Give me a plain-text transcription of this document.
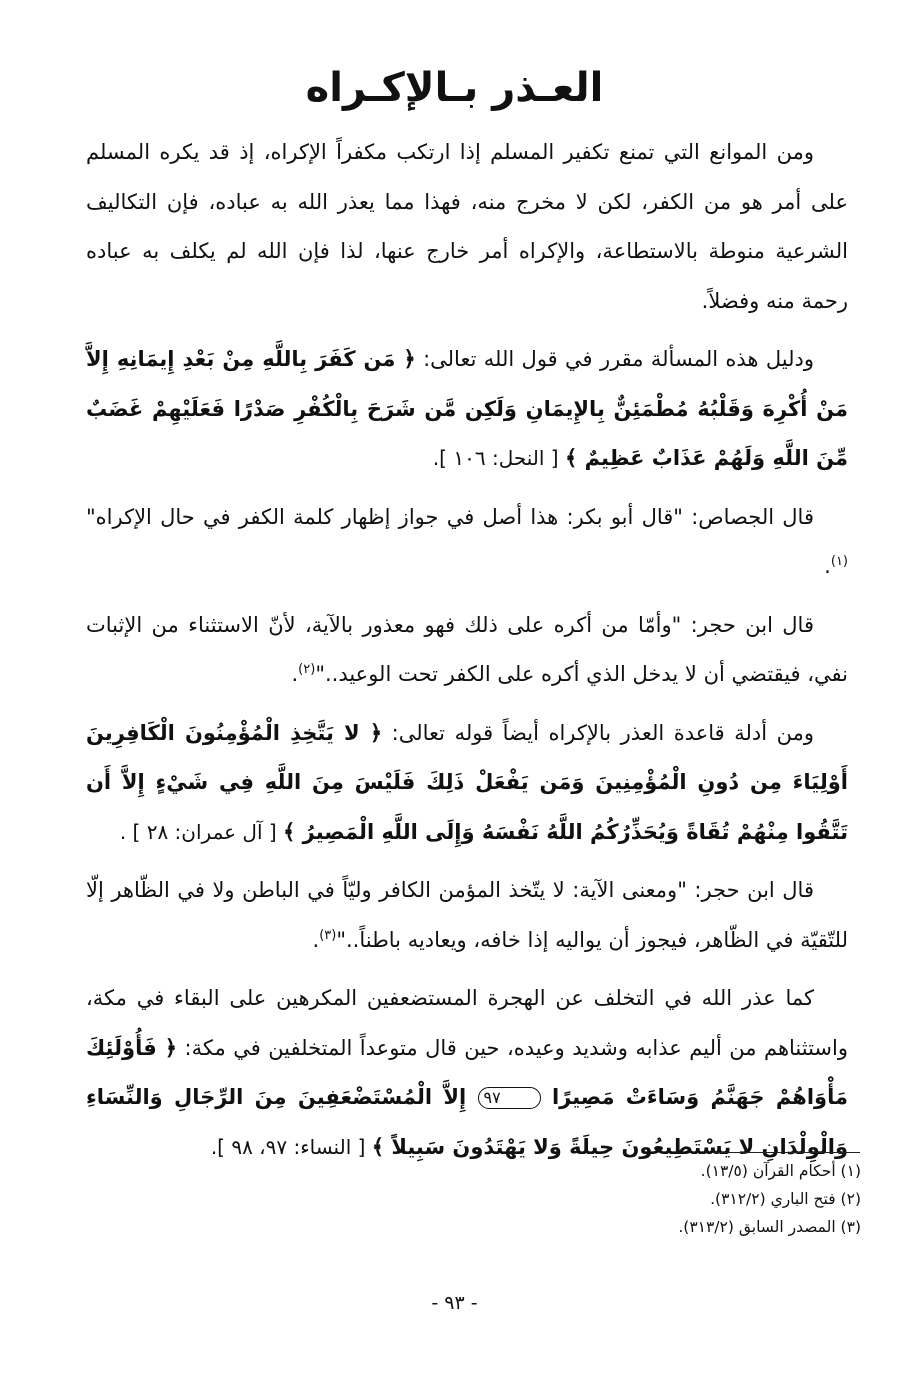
العـذر بـالإكـراه

ومن الموانع التي تمنع تكفير المسلم إذا ارتكب مكفراً الإكراه، إذ قد يكره المسلم على أمر هو من الكفر، لكن لا مخرج منه، فهذا مما يعذر الله به عباده، فإن التكاليف الشرعية منوطة بالاستطاعة، والإكراه أمر خارج عنها، لذا فإن الله لم يكلف به عباده رحمة منه وفضلاً.

ودليل هذه المسألة مقرر في قول الله تعالى: ﴿ مَن كَفَرَ بِاللَّهِ مِنْ بَعْدِ إِيمَانِهِ إِلاَّ مَنْ أُكْرِهَ وَقَلْبُهُ مُطْمَئِنٌّ بِالإِيمَانِ وَلَكِن مَّن شَرَحَ بِالْكُفْرِ صَدْرًا فَعَلَيْهِمْ غَضَبٌ مِّنَ اللَّهِ وَلَهُمْ عَذَابٌ عَظِيمٌ ﴾ [ النحل: ١٠٦ ].

قال الجصاص: "قال أبو بكر: هذا أصل في جواز إظهار كلمة الكفر في حال الإكراه"$^{(١)}$.

قال ابن حجر: "وأمّا من أكره على ذلك فهو معذور بالآية، لأنّ الاستثناء من الإثبات نفي، فيقتضي أن لا يدخل الذي أكره على الكفر تحت الوعيد.."$^{(٢)}$.

ومن أدلة قاعدة العذر بالإكراه أيضاً قوله تعالى: ﴿ لا يَتَّخِذِ الْمُؤْمِنُونَ الْكَافِرِينَ أَوْلِيَاءَ مِن دُونِ الْمُؤْمِنِينَ وَمَن يَفْعَلْ ذَلِكَ فَلَيْسَ مِنَ اللَّهِ فِي شَيْءٍ إِلاَّ أَن تَتَّقُوا مِنْهُمْ تُقَاةً وَيُحَذِّرُكُمُ اللَّهُ نَفْسَهُ وَإِلَى اللَّهِ الْمَصِيرُ ﴾ [ آل عمران: ٢٨ ] .

قال ابن حجر: "ومعنى الآية: لا يتّخذ المؤمن الكافر وليّاً في الباطن ولا في الظّاهر إلّا للتّقيّة في الظّاهر، فيجوز أن يواليه إذا خافه، ويعاديه باطناً.."$^{(٣)}$.

كما عذر الله في التخلف عن الهجرة المستضعفين المكرهين على البقاء في مكة، واستثناهم من أليم عذابه وشديد وعيده، حين قال متوعداً المتخلفين في مكة: ﴿ فَأُوْلَئِكَ مَأْوَاهُمْ جَهَنَّمُ وَسَاءَتْ مَصِيرًا ٩٧ إِلاَّ الْمُسْتَضْعَفِينَ مِنَ الرِّجَالِ وَالنِّسَاءِ وَالْوِلْدَانِ لا يَسْتَطِيعُونَ حِيلَةً وَلا يَهْتَدُونَ سَبِيلاً ﴾ [ النساء: ٩٧، ٩٨ ].

(١) أحكام القرآن (١٣/٥).

(٢) فتح الباري (٣١٢/٢).

(٣) المصدر السابق (٣١٣/٢).

- ٩٣ -
